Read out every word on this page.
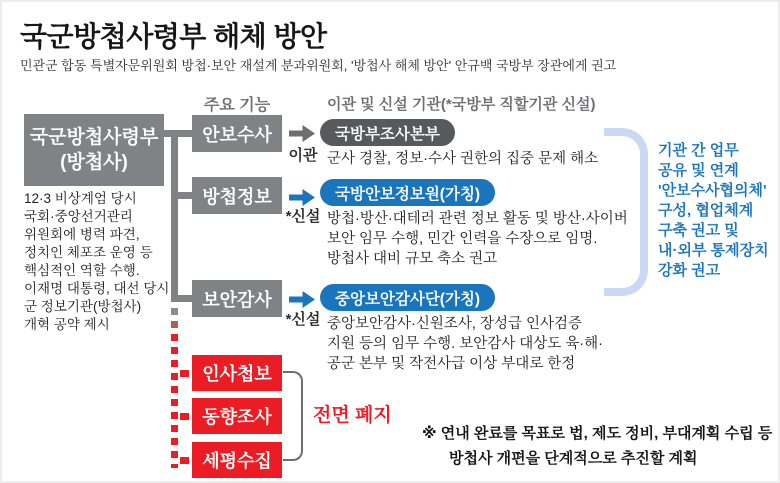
국군방첩사령부 해체 방안
민관군 합동 특별자문위원회 방첩·보안 재설계 분과위원회, '방첩사 해체 방안' 안규백 국방부 장관에게 권고
국군방첩사령부
(방첩사)
12·3 비상계엄 당시
국회·중앙선거관리
위원회에 병력 파견,
정치인 체포조 운영 등
핵심적인 역할 수행.
이재명 대통령, 대선 당시
군 정보기관(방첩사)
개혁 공약 제시
주요 기능
안보수사
방첩정보
보안감사
이관
*신설
*신설
이관 및 신설 기관(*국방부 직할기관 신설)
국방부조사본부
군사 경찰, 정보·수사 권한의 집중 문제 해소
국방안보정보원(가칭)
방첩·방산·대테러 관련 정보 활동 및 방산·사이버
보안 임무 수행, 민간 인력을 수장으로 임명.
방첩사 대비 규모 축소 권고
중앙보안감사단(가칭)
중앙보안감사·신원조사, 장성급 인사검증
지원 등의 임무 수행. 보안감사 대상도 육·해·
공군 본부 및 작전사급 이상 부대로 한정
기관 간 업무
공유 및 연계
'안보수사협의체'
구성, 협업체계
구축 권고 및
내·외부 통제장치
강화 권고
인사첩보
동향조사
세평수집
전면 폐지
※ 연내 완료를 목표로 법, 제도 정비, 부대계획 수립 등
방첩사 개편을 단계적으로 추진할 계획
